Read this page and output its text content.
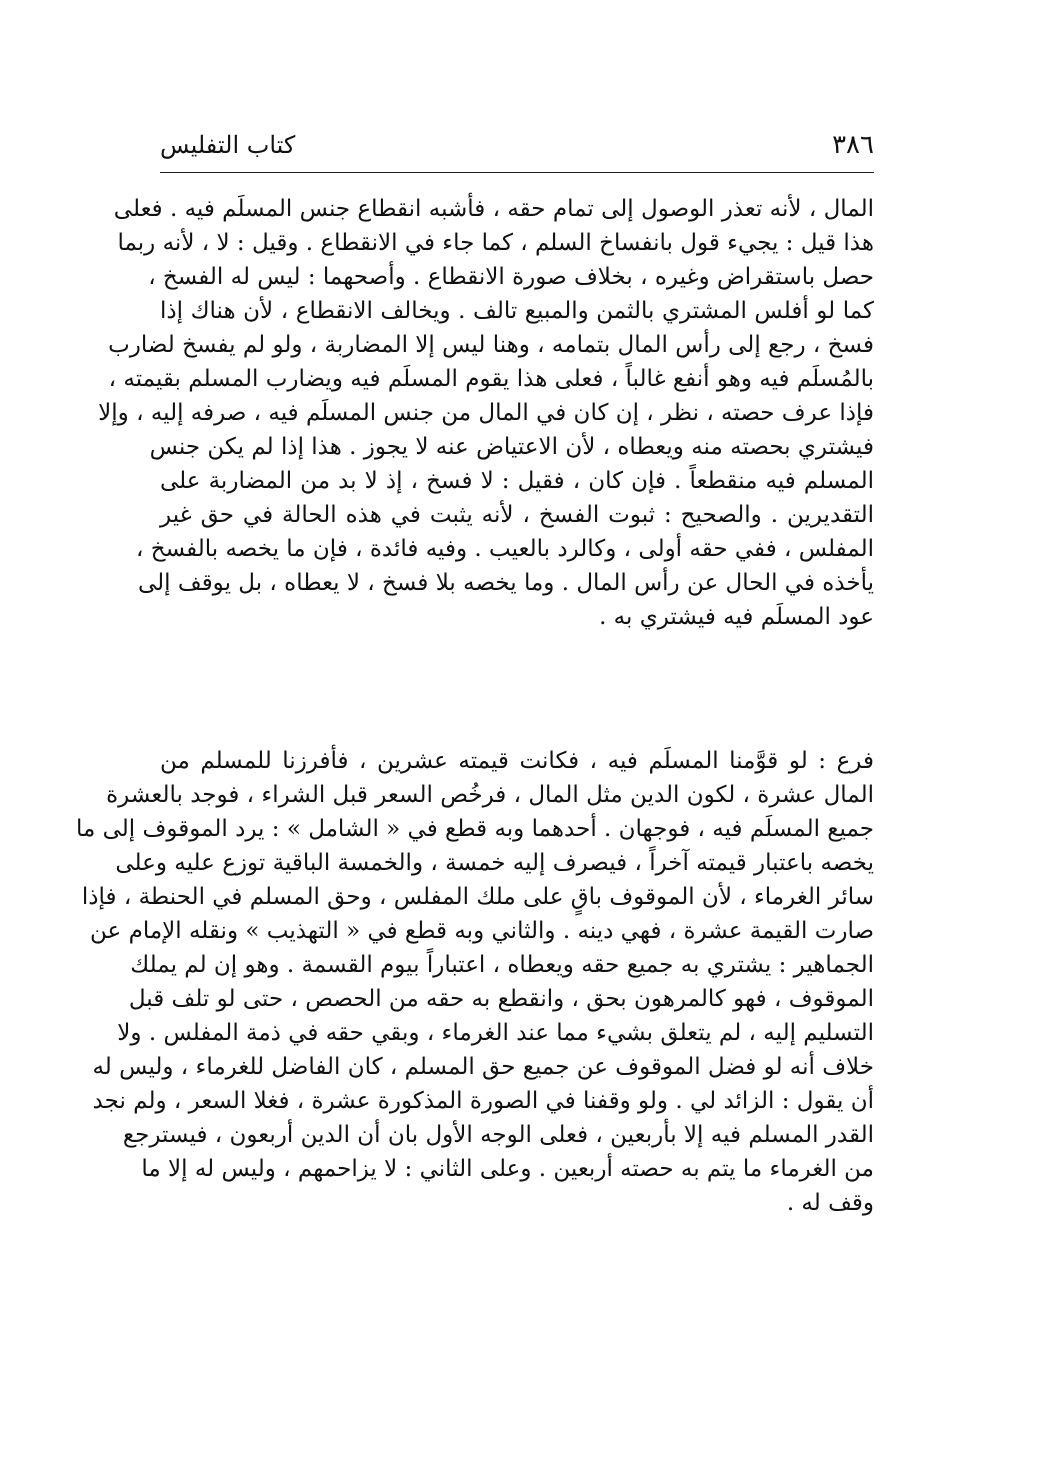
٣٨٦
كتاب التفليس
المال ، لأنه تعذر الوصول إلى تمام حقه ، فأشبه انقطاع جنس المسلَم فيه . فعلى
هذا قيل : يجيء قول بانفساخ السلم ، كما جاء في الانقطاع . وقيل : لا ، لأنه ربما
حصل باستقراض وغيره ، بخلاف صورة الانقطاع . وأصحهما : ليس له الفسخ ،
كما لو أفلس المشتري بالثمن والمبيع تالف . ويخالف الانقطاع ، لأن هناك إذا
فسخ ، رجع إلى رأس المال بتمامه ، وهنا ليس إلا المضاربة ، ولو لم يفسخ لضارب
بالمُسلَم فيه وهو أنفع غالباً ، فعلى هذا يقوم المسلَم فيه ويضارب المسلم بقيمته ،
فإذا عرف حصته ، نظر ، إن كان في المال من جنس المسلَم فيه ، صرفه إليه ، وإلا
فيشتري بحصته منه ويعطاه ، لأن الاعتياض عنه لا يجوز . هذا إذا لم يكن جنس
المسلم فيه منقطعاً . فإن كان ، فقيل : لا فسخ ، إذ لا بد من المضاربة على
التقديرين . والصحيح : ثبوت الفسخ ، لأنه يثبت في هذه الحالة في حق غير
المفلس ، ففي حقه أولى ، وكالرد بالعيب . وفيه فائدة ، فإن ما يخصه بالفسخ ،
يأخذه في الحال عن رأس المال . وما يخصه بلا فسخ ، لا يعطاه ، بل يوقف إلى
عود المسلَم فيه فيشتري به .
فرع : لو قوَّمنا المسلَم فيه ، فكانت قيمته عشرين ، فأفرزنا للمسلم من
المال عشرة ، لكون الدين مثل المال ، فرخُص السعر قبل الشراء ، فوجد بالعشرة
جميع المسلَم فيه ، فوجهان . أحدهما وبه قطع في « الشامل » : يرد الموقوف إلى ما
يخصه باعتبار قيمته آخراً ، فيصرف إليه خمسة ، والخمسة الباقية توزع عليه وعلى
سائر الغرماء ، لأن الموقوف باقٍ على ملك المفلس ، وحق المسلم في الحنطة ، فإذا
صارت القيمة عشرة ، فهي دينه . والثاني وبه قطع في « التهذيب » ونقله الإمام عن
الجماهير : يشتري به جميع حقه ويعطاه ، اعتباراً بيوم القسمة . وهو إن لم يملك
الموقوف ، فهو كالمرهون بحق ، وانقطع به حقه من الحصص ، حتى لو تلف قبل
التسليم إليه ، لم يتعلق بشيء مما عند الغرماء ، وبقي حقه في ذمة المفلس . ولا
خلاف أنه لو فضل الموقوف عن جميع حق المسلم ، كان الفاضل للغرماء ، وليس له
أن يقول : الزائد لي . ولو وقفنا في الصورة المذكورة عشرة ، فغلا السعر ، ولم نجد
القدر المسلم فيه إلا بأربعين ، فعلى الوجه الأول بان أن الدين أربعون ، فيسترجع
من الغرماء ما يتم به حصته أربعين . وعلى الثاني : لا يزاحمهم ، وليس له إلا ما
وقف له .
